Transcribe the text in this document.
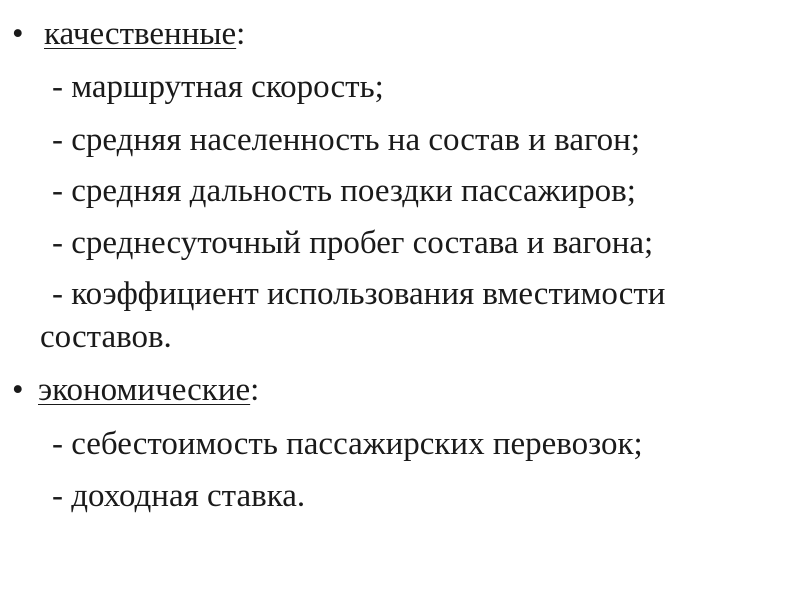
• качественные:
- маршрутная скорость;
- средняя населенность на состав и вагон;
- средняя дальность поездки пассажиров;
- среднесуточный пробег состава и вагона;
- коэффициент использования вместимости
составов.
• экономические:
- себестоимость пассажирских перевозок;
- доходная ставка.
